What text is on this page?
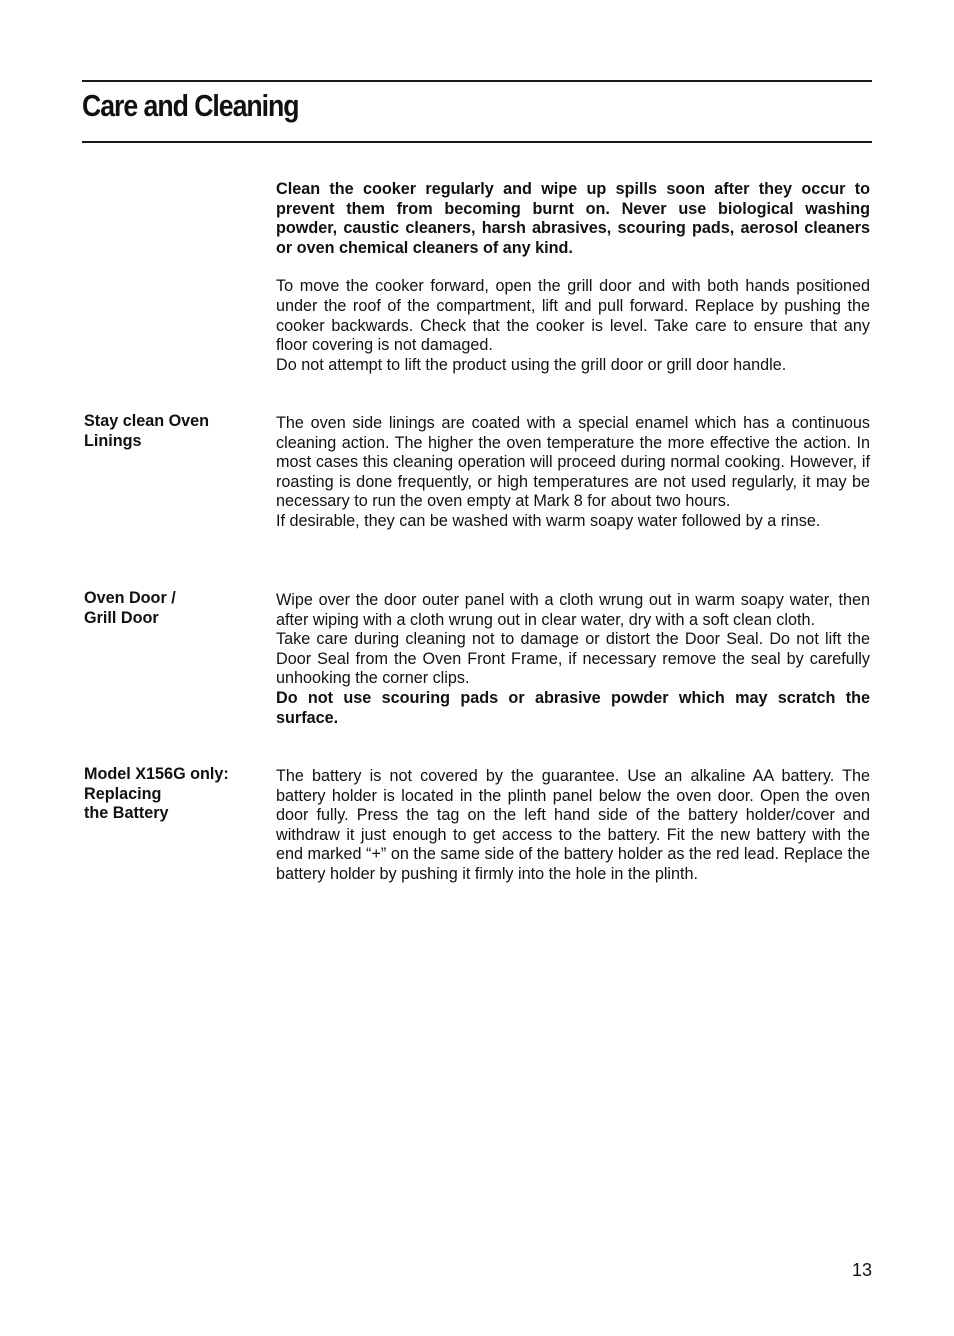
Care and Cleaning

Clean the cooker regularly and wipe up spills soon after they occur to prevent them from becoming burnt on. Never use biological washing powder, caustic cleaners, harsh abrasives, scouring pads, aerosol cleaners or oven chemical cleaners of any kind.

To move the cooker forward, open the grill door and with both hands positioned under the roof of the compartment, lift and pull forward. Replace by pushing the cooker backwards. Check that the cooker is level. Take care to ensure that any floor covering is not damaged.

Do not attempt to lift the product using the grill door or grill door handle.

Stay clean Oven Linings

The oven side linings are coated with a special enamel which has a continuous cleaning action. The higher the oven temperature the more effective the action. In most cases this cleaning operation will proceed during normal cooking. However, if roasting is done frequently, or high temperatures are not used regularly, it may be necessary to run the oven empty at Mark 8 for about two hours.

If desirable, they can be washed with warm soapy water followed by a rinse.

Oven Door /
Grill Door

Wipe over the door outer panel with a cloth wrung out in warm soapy water, then after wiping with a cloth wrung out in clear water, dry with a soft clean cloth.

Take care during cleaning not to damage or distort the Door Seal. Do not lift the Door Seal from the Oven Front Frame, if necessary remove the seal by carefully unhooking the corner clips.

Do not use scouring pads or abrasive powder which may scratch the surface.

Model X156G only:
Replacing
the Battery

The battery is not covered by the guarantee. Use an alkaline AA battery. The battery holder is located in the plinth panel below the oven door. Open the oven door fully. Press the tag on the left hand side of the battery holder/cover and withdraw it just enough to get access to the battery. Fit the new battery with the end marked “+” on the same side of the battery holder as the red lead. Replace the battery holder by pushing it firmly into the hole in the plinth.

13
